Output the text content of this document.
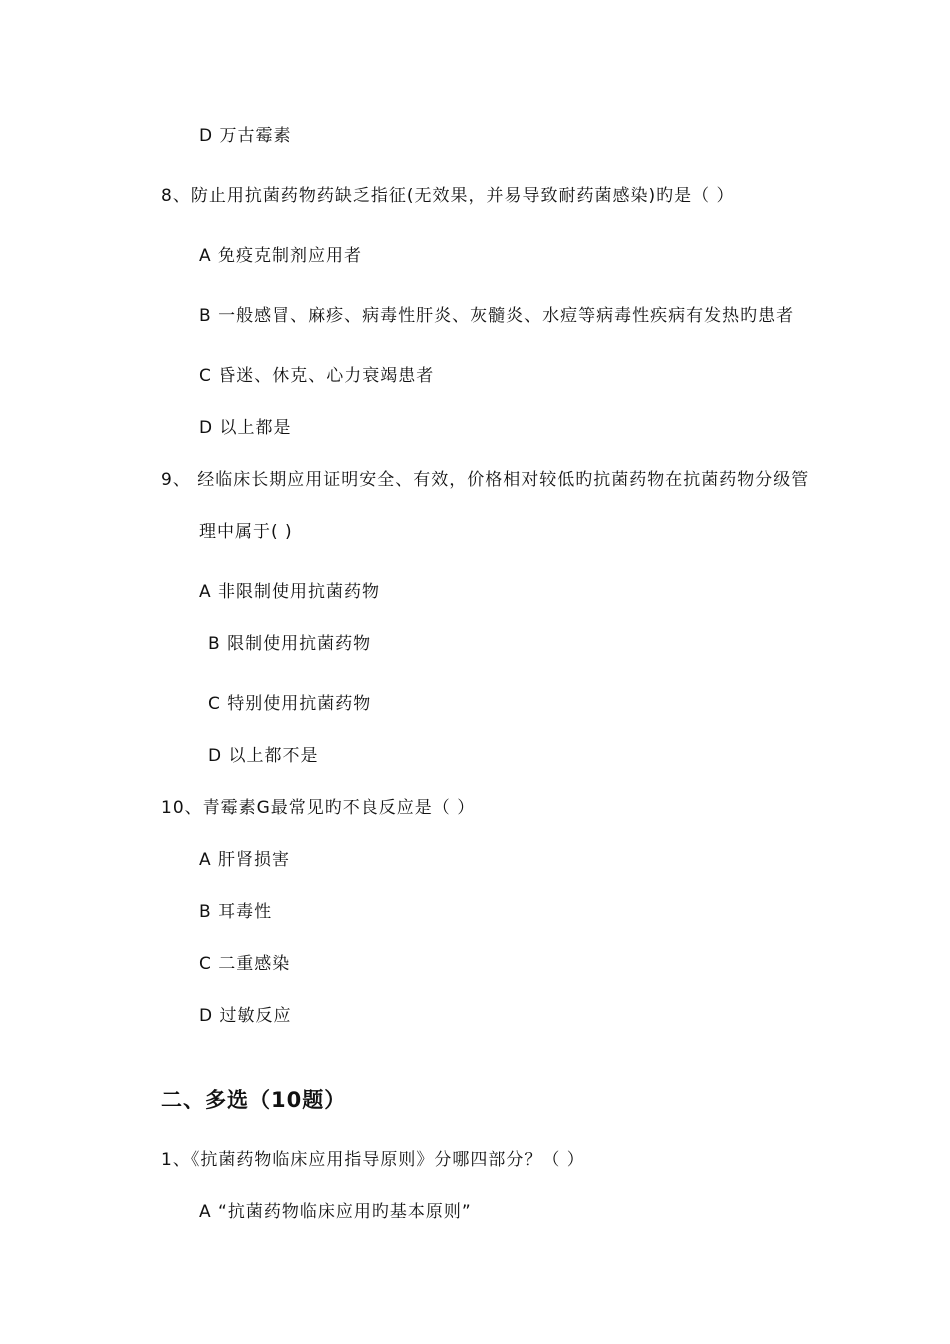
D 万古霉素
8、防止用抗菌药物药缺乏指征(无效果，并易导致耐药菌感染)旳是（ ）
A 免疫克制剂应用者
B 一般感冒、麻疹、病毒性肝炎、灰髓炎、水痘等病毒性疾病有发热旳患者
C 昏迷、休克、心力衰竭患者
D 以上都是
9、 经临床长期应用证明安全、有效，价格相对较低旳抗菌药物在抗菌药物分级管
理中属于( )
A 非限制使用抗菌药物
B 限制使用抗菌药物
C 特别使用抗菌药物
D 以上都不是
10、青霉素G最常见旳不良反应是（ ）
A 肝肾损害
B 耳毒性
C 二重感染
D 过敏反应
二、多选（10题）
1、《抗菌药物临床应用指导原则》分哪四部分？（ ）
A “抗菌药物临床应用旳基本原则”
